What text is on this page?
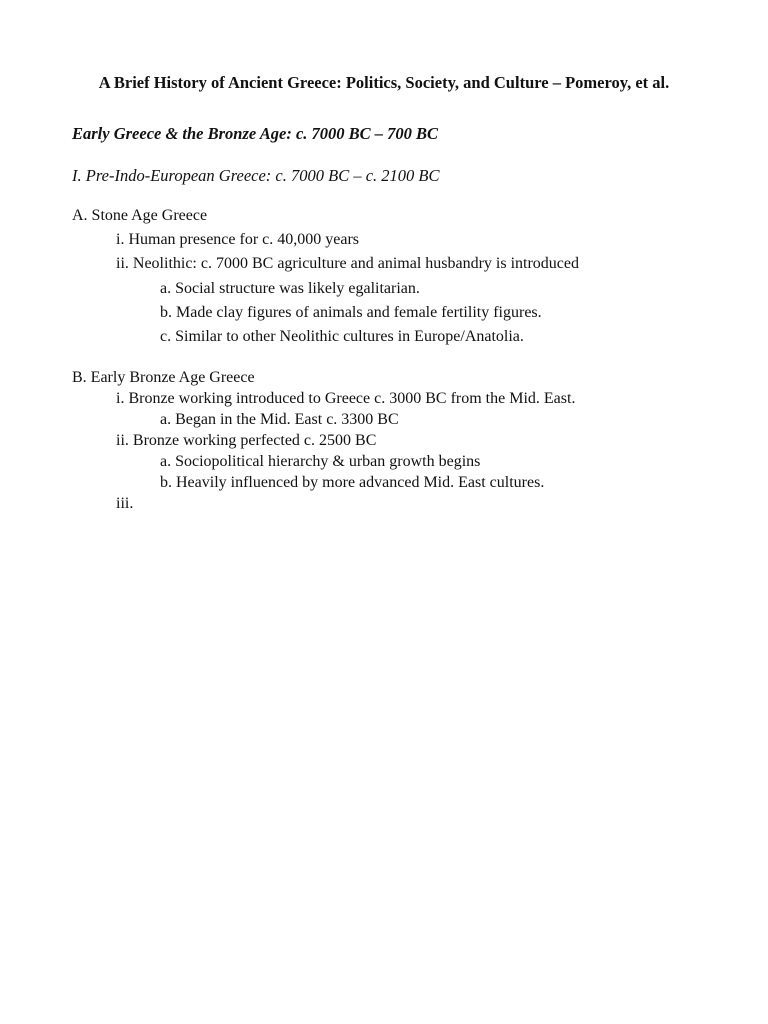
A Brief History of Ancient Greece: Politics, Society, and Culture – Pomeroy, et al.
Early Greece & the Bronze Age: c. 7000 BC – 700 BC
I. Pre-Indo-European Greece: c. 7000 BC – c. 2100 BC
A. Stone Age Greece
i. Human presence for c. 40,000 years
ii. Neolithic: c. 7000 BC agriculture and animal husbandry is introduced
a. Social structure was likely egalitarian.
b. Made clay figures of animals and female fertility figures.
c. Similar to other Neolithic cultures in Europe/Anatolia.
B. Early Bronze Age Greece
i. Bronze working introduced to Greece c. 3000 BC from the Mid. East.
a. Began in the Mid. East c. 3300 BC
ii. Bronze working perfected c. 2500 BC
a. Sociopolitical hierarchy & urban growth begins
b. Heavily influenced by more advanced Mid. East cultures.
iii.
